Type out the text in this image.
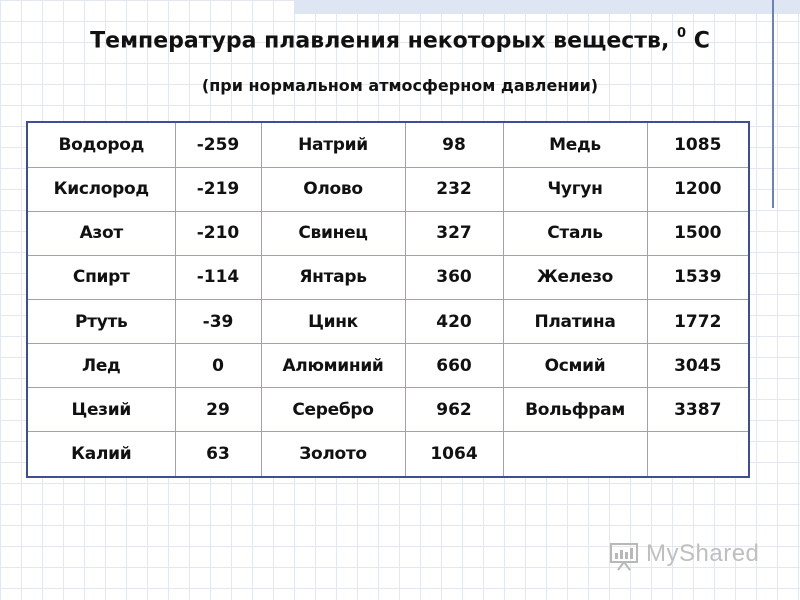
Температура плавления некоторых веществ, $^0$ С
(при нормальном атмосферном давлении)
Водород	-259	Натрий	98	Медь	1085
Кислород	-219	Олово	232	Чугун	1200
Азот	-210	Свинец	327	Сталь	1500
Спирт	-114	Янтарь	360	Железо	1539
Ртуть	-39	Цинк	420	Платина	1772
Лед	0	Алюминий	660	Осмий	3045
Цезий	29	Серебро	962	Вольфрам	3387
Калий	63	Золото	1064		
MyShared
